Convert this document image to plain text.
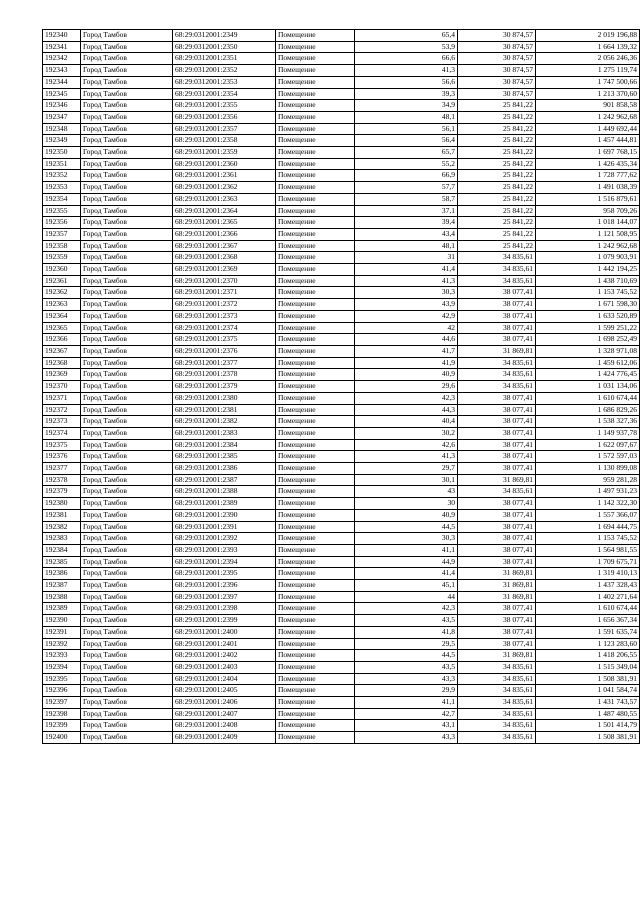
192340	Город Тамбов	68:29:0312001:2349	Помещение	65,4	30 874,57	2 019 196,88
192341	Город Тамбов	68:29:0312001:2350	Помещение	53,9	30 874,57	1 664 139,32
192342	Город Тамбов	68:29:0312001:2351	Помещение	66,6	30 874,57	2 056 246,36
192343	Город Тамбов	68:29:0312001:2352	Помещение	41,3	30 874,57	1 275 119,74
192344	Город Тамбов	68:29:0312001:2353	Помещение	56,6	30 874,57	1 747 500,66
192345	Город Тамбов	68:29:0312001:2354	Помещение	39,3	30 874,57	1 213 370,60
192346	Город Тамбов	68:29:0312001:2355	Помещение	34,9	25 841,22	901 858,58
192347	Город Тамбов	68:29:0312001:2356	Помещение	48,1	25 841,22	1 242 962,68
192348	Город Тамбов	68:29:0312001:2357	Помещение	56,1	25 841,22	1 449 692,44
192349	Город Тамбов	68:29:0312001:2358	Помещение	56,4	25 841,22	1 457 444,81
192350	Город Тамбов	68:29:0312001:2359	Помещение	65,7	25 841,22	1 697 768,15
192351	Город Тамбов	68:29:0312001:2360	Помещение	55,2	25 841,22	1 426 435,34
192352	Город Тамбов	68:29:0312001:2361	Помещение	66,9	25 841,22	1 728 777,62
192353	Город Тамбов	68:29:0312001:2362	Помещение	57,7	25 841,22	1 491 038,39
192354	Город Тамбов	68:29:0312001:2363	Помещение	58,7	25 841,22	1 516 879,61
192355	Город Тамбов	68:29:0312001:2364	Помещение	37,1	25 841,22	958 709,26
192356	Город Тамбов	68:29:0312001:2365	Помещение	39,4	25 841,22	1 018 144,07
192357	Город Тамбов	68:29:0312001:2366	Помещение	43,4	25 841,22	1 121 508,95
192358	Город Тамбов	68:29:0312001:2367	Помещение	48,1	25 841,22	1 242 962,68
192359	Город Тамбов	68:29:0312001:2368	Помещение	31	34 835,61	1 079 903,91
192360	Город Тамбов	68:29:0312001:2369	Помещение	41,4	34 835,61	1 442 194,25
192361	Город Тамбов	68:29:0312001:2370	Помещение	41,3	34 835,61	1 438 710,69
192362	Город Тамбов	68:29:0312001:2371	Помещение	30,3	38 077,41	1 153 745,52
192363	Город Тамбов	68:29:0312001:2372	Помещение	43,9	38 077,41	1 671 598,30
192364	Город Тамбов	68:29:0312001:2373	Помещение	42,9	38 077,41	1 633 520,89
192365	Город Тамбов	68:29:0312001:2374	Помещение	42	38 077,41	1 599 251,22
192366	Город Тамбов	68:29:0312001:2375	Помещение	44,6	38 077,41	1 698 252,49
192367	Город Тамбов	68:29:0312001:2376	Помещение	41,7	31 869,81	1 328 971,08
192368	Город Тамбов	68:29:0312001:2377	Помещение	41,9	34 835,61	1 459 612,06
192369	Город Тамбов	68:29:0312001:2378	Помещение	40,9	34 835,61	1 424 776,45
192370	Город Тамбов	68:29:0312001:2379	Помещение	29,6	34 835,61	1 031 134,06
192371	Город Тамбов	68:29:0312001:2380	Помещение	42,3	38 077,41	1 610 674,44
192372	Город Тамбов	68:29:0312001:2381	Помещение	44,3	38 077,41	1 686 829,26
192373	Город Тамбов	68:29:0312001:2382	Помещение	40,4	38 077,41	1 538 327,36
192374	Город Тамбов	68:29:0312001:2383	Помещение	30,2	38 077,41	1 149 937,78
192375	Город Тамбов	68:29:0312001:2384	Помещение	42,6	38 077,41	1 622 097,67
192376	Город Тамбов	68:29:0312001:2385	Помещение	41,3	38 077,41	1 572 597,03
192377	Город Тамбов	68:29:0312001:2386	Помещение	29,7	38 077,41	1 130 899,08
192378	Город Тамбов	68:29:0312001:2387	Помещение	30,1	31 869,81	959 281,28
192379	Город Тамбов	68:29:0312001:2388	Помещение	43	34 835,61	1 497 931,23
192380	Город Тамбов	68:29:0312001:2389	Помещение	30	38 077,41	1 142 322,30
192381	Город Тамбов	68:29:0312001:2390	Помещение	40,9	38 077,41	1 557 366,07
192382	Город Тамбов	68:29:0312001:2391	Помещение	44,5	38 077,41	1 694 444,75
192383	Город Тамбов	68:29:0312001:2392	Помещение	30,3	38 077,41	1 153 745,52
192384	Город Тамбов	68:29:0312001:2393	Помещение	41,1	38 077,41	1 564 981,55
192385	Город Тамбов	68:29:0312001:2394	Помещение	44,9	38 077,41	1 709 675,71
192386	Город Тамбов	68:29:0312001:2395	Помещение	41,4	31 869,81	1 319 410,13
192387	Город Тамбов	68:29:0312001:2396	Помещение	45,1	31 869,81	1 437 328,43
192388	Город Тамбов	68:29:0312001:2397	Помещение	44	31 869,81	1 402 271,64
192389	Город Тамбов	68:29:0312001:2398	Помещение	42,3	38 077,41	1 610 674,44
192390	Город Тамбов	68:29:0312001:2399	Помещение	43,5	38 077,41	1 656 367,34
192391	Город Тамбов	68:29:0312001:2400	Помещение	41,8	38 077,41	1 591 635,74
192392	Город Тамбов	68:29:0312001:2401	Помещение	29,5	38 077,41	1 123 283,60
192393	Город Тамбов	68:29:0312001:2402	Помещение	44,5	31 869,81	1 418 206,55
192394	Город Тамбов	68:29:0312001:2403	Помещение	43,5	34 835,61	1 515 349,04
192395	Город Тамбов	68:29:0312001:2404	Помещение	43,3	34 835,61	1 508 381,91
192396	Город Тамбов	68:29:0312001:2405	Помещение	29,9	34 835,61	1 041 584,74
192397	Город Тамбов	68:29:0312001:2406	Помещение	41,1	34 835,61	1 431 743,57
192398	Город Тамбов	68:29:0312001:2407	Помещение	42,7	34 835,61	1 487 480,55
192399	Город Тамбов	68:29:0312001:2408	Помещение	43,1	34 835,61	1 501 414,79
192400	Город Тамбов	68:29:0312001:2409	Помещение	43,3	34 835,61	1 508 381,91
